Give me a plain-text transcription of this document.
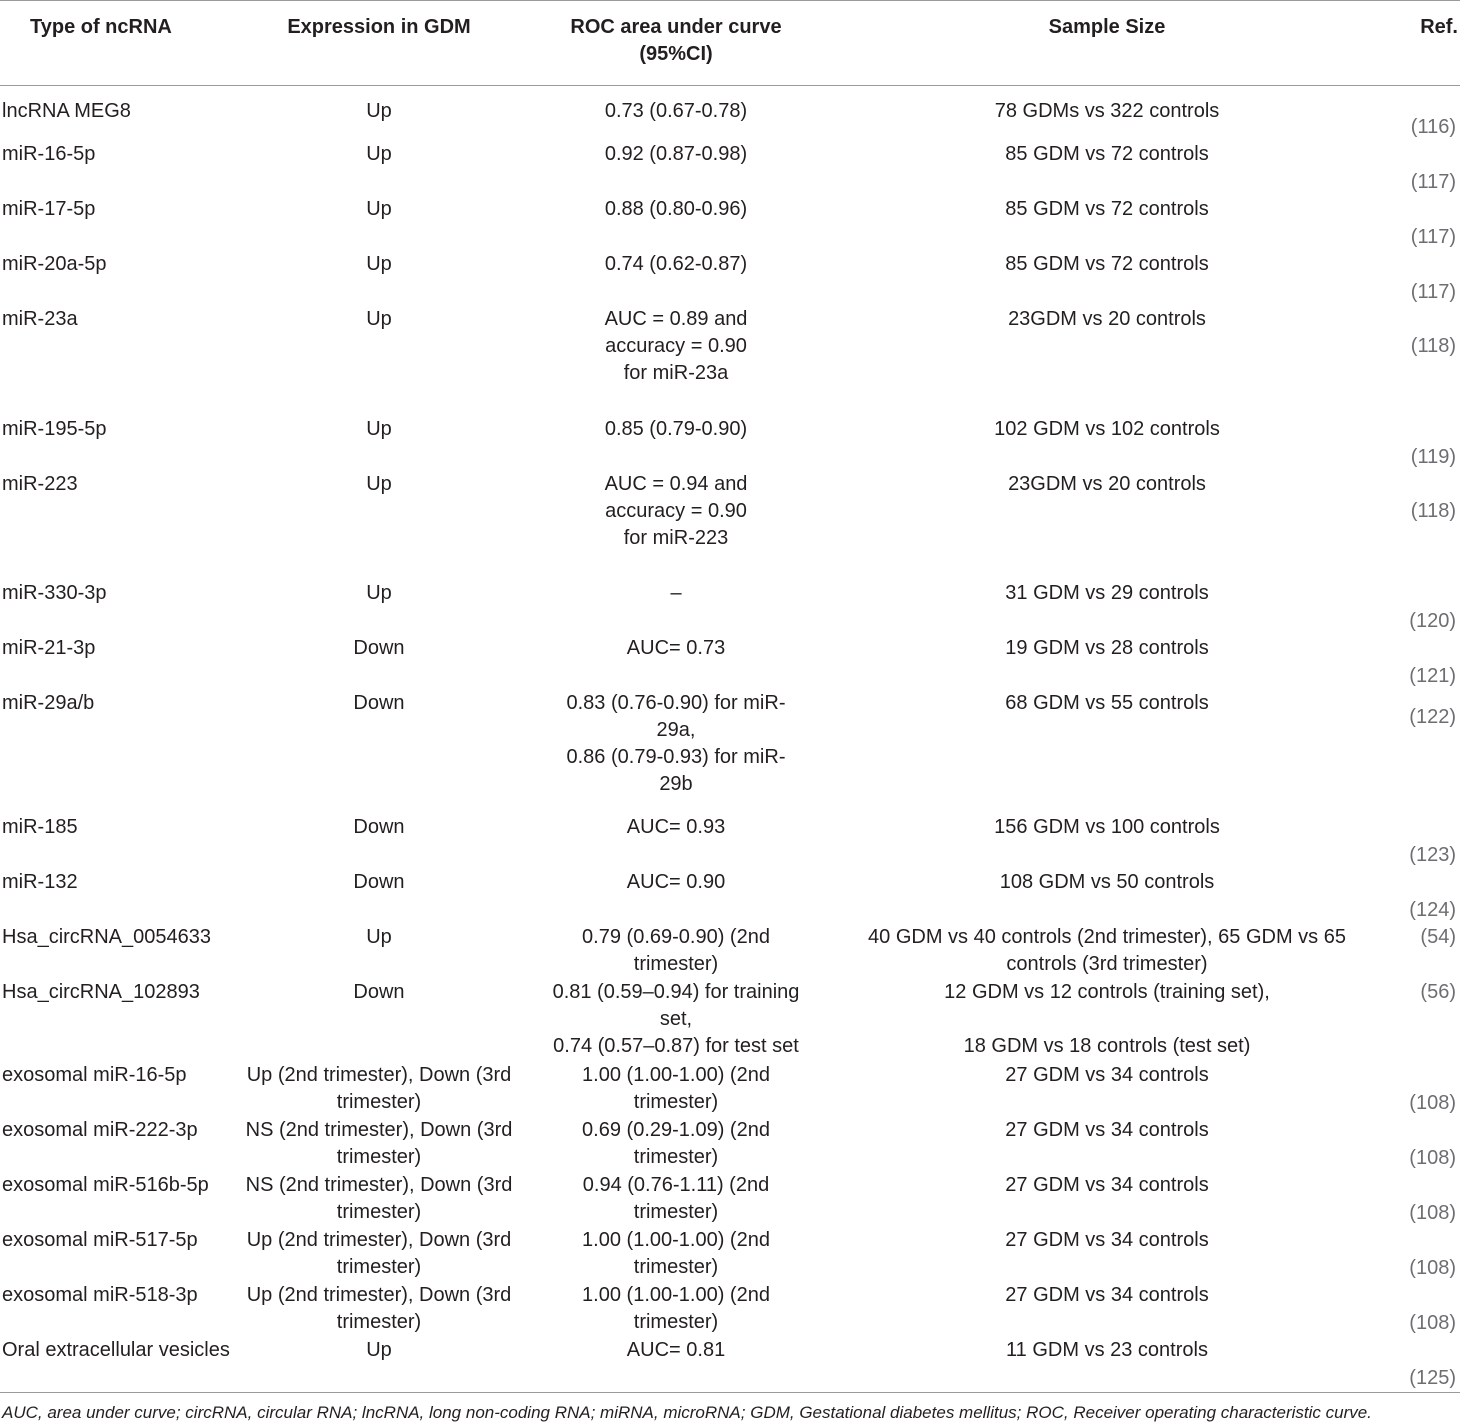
Type of ncRNA	Expression in GDM	ROC area under curve
(95%CI)	Sample Size	Ref.
lncRNA MEG8	Up	0.73 (0.67-0.78)	78 GDMs vs 322 controls	(116)
miR-16-5p	Up	0.92 (0.87-0.98)	85 GDM vs 72 controls	(117)
miR-17-5p	Up	0.88 (0.80-0.96)	85 GDM vs 72 controls	(117)
miR-20a-5p	Up	0.74 (0.62-0.87)	85 GDM vs 72 controls	(117)
miR-23a	Up	AUC = 0.89 and
accuracy = 0.90
for miR-23a	23GDM vs 20 controls	(118)
miR-195-5p	Up	0.85 (0.79-0.90)	102 GDM vs 102 controls	(119)
miR-223	Up	AUC = 0.94 and
accuracy = 0.90
for miR-223	23GDM vs 20 controls	(118)
miR-330-3p	Up	–	31 GDM vs 29 controls	(120)
miR-21-3p	Down	AUC= 0.73	19 GDM vs 28 controls	(121)
miR-29a/b	Down	0.83 (0.76-0.90) for miR-
29a,
0.86 (0.79-0.93) for miR-
29b	68 GDM vs 55 controls	(122)
miR-185	Down	AUC= 0.93	156 GDM vs 100 controls	(123)
miR-132	Down	AUC= 0.90	108 GDM vs 50 controls	(124)
Hsa_circRNA_0054633	Up	0.79 (0.69-0.90) (2nd
trimester)	40 GDM vs 40 controls (2nd trimester), 65 GDM vs 65 controls (3rd trimester)	(54)
Hsa_circRNA_102893	Down	0.81 (0.59–0.94) for training
set,
0.74 (0.57–0.87) for test set	12 GDM vs 12 controls (training set),

18 GDM vs 18 controls (test set)	(56)
exosomal miR-16-5p	Up (2nd trimester), Down (3rd trimester)	1.00 (1.00-1.00) (2nd
trimester)	27 GDM vs 34 controls	(108)
exosomal miR-222-3p	NS (2nd trimester), Down (3rd trimester)	0.69 (0.29-1.09) (2nd
trimester)	27 GDM vs 34 controls	(108)
exosomal miR-516b-5p	NS (2nd trimester), Down (3rd trimester)	0.94 (0.76-1.11) (2nd
trimester)	27 GDM vs 34 controls	(108)
exosomal miR-517-5p	Up (2nd trimester), Down (3rd trimester)	1.00 (1.00-1.00) (2nd
trimester)	27 GDM vs 34 controls	(108)
exosomal miR-518-3p	Up (2nd trimester), Down (3rd trimester)	1.00 (1.00-1.00) (2nd
trimester)	27 GDM vs 34 controls	(108)
Oral extracellular vesicles	Up	AUC= 0.81	11 GDM vs 23 controls	(125)
AUC, area under curve; circRNA, circular RNA; lncRNA, long non-coding RNA; miRNA, microRNA; GDM, Gestational diabetes mellitus; ROC, Receiver operating characteristic curve.				
